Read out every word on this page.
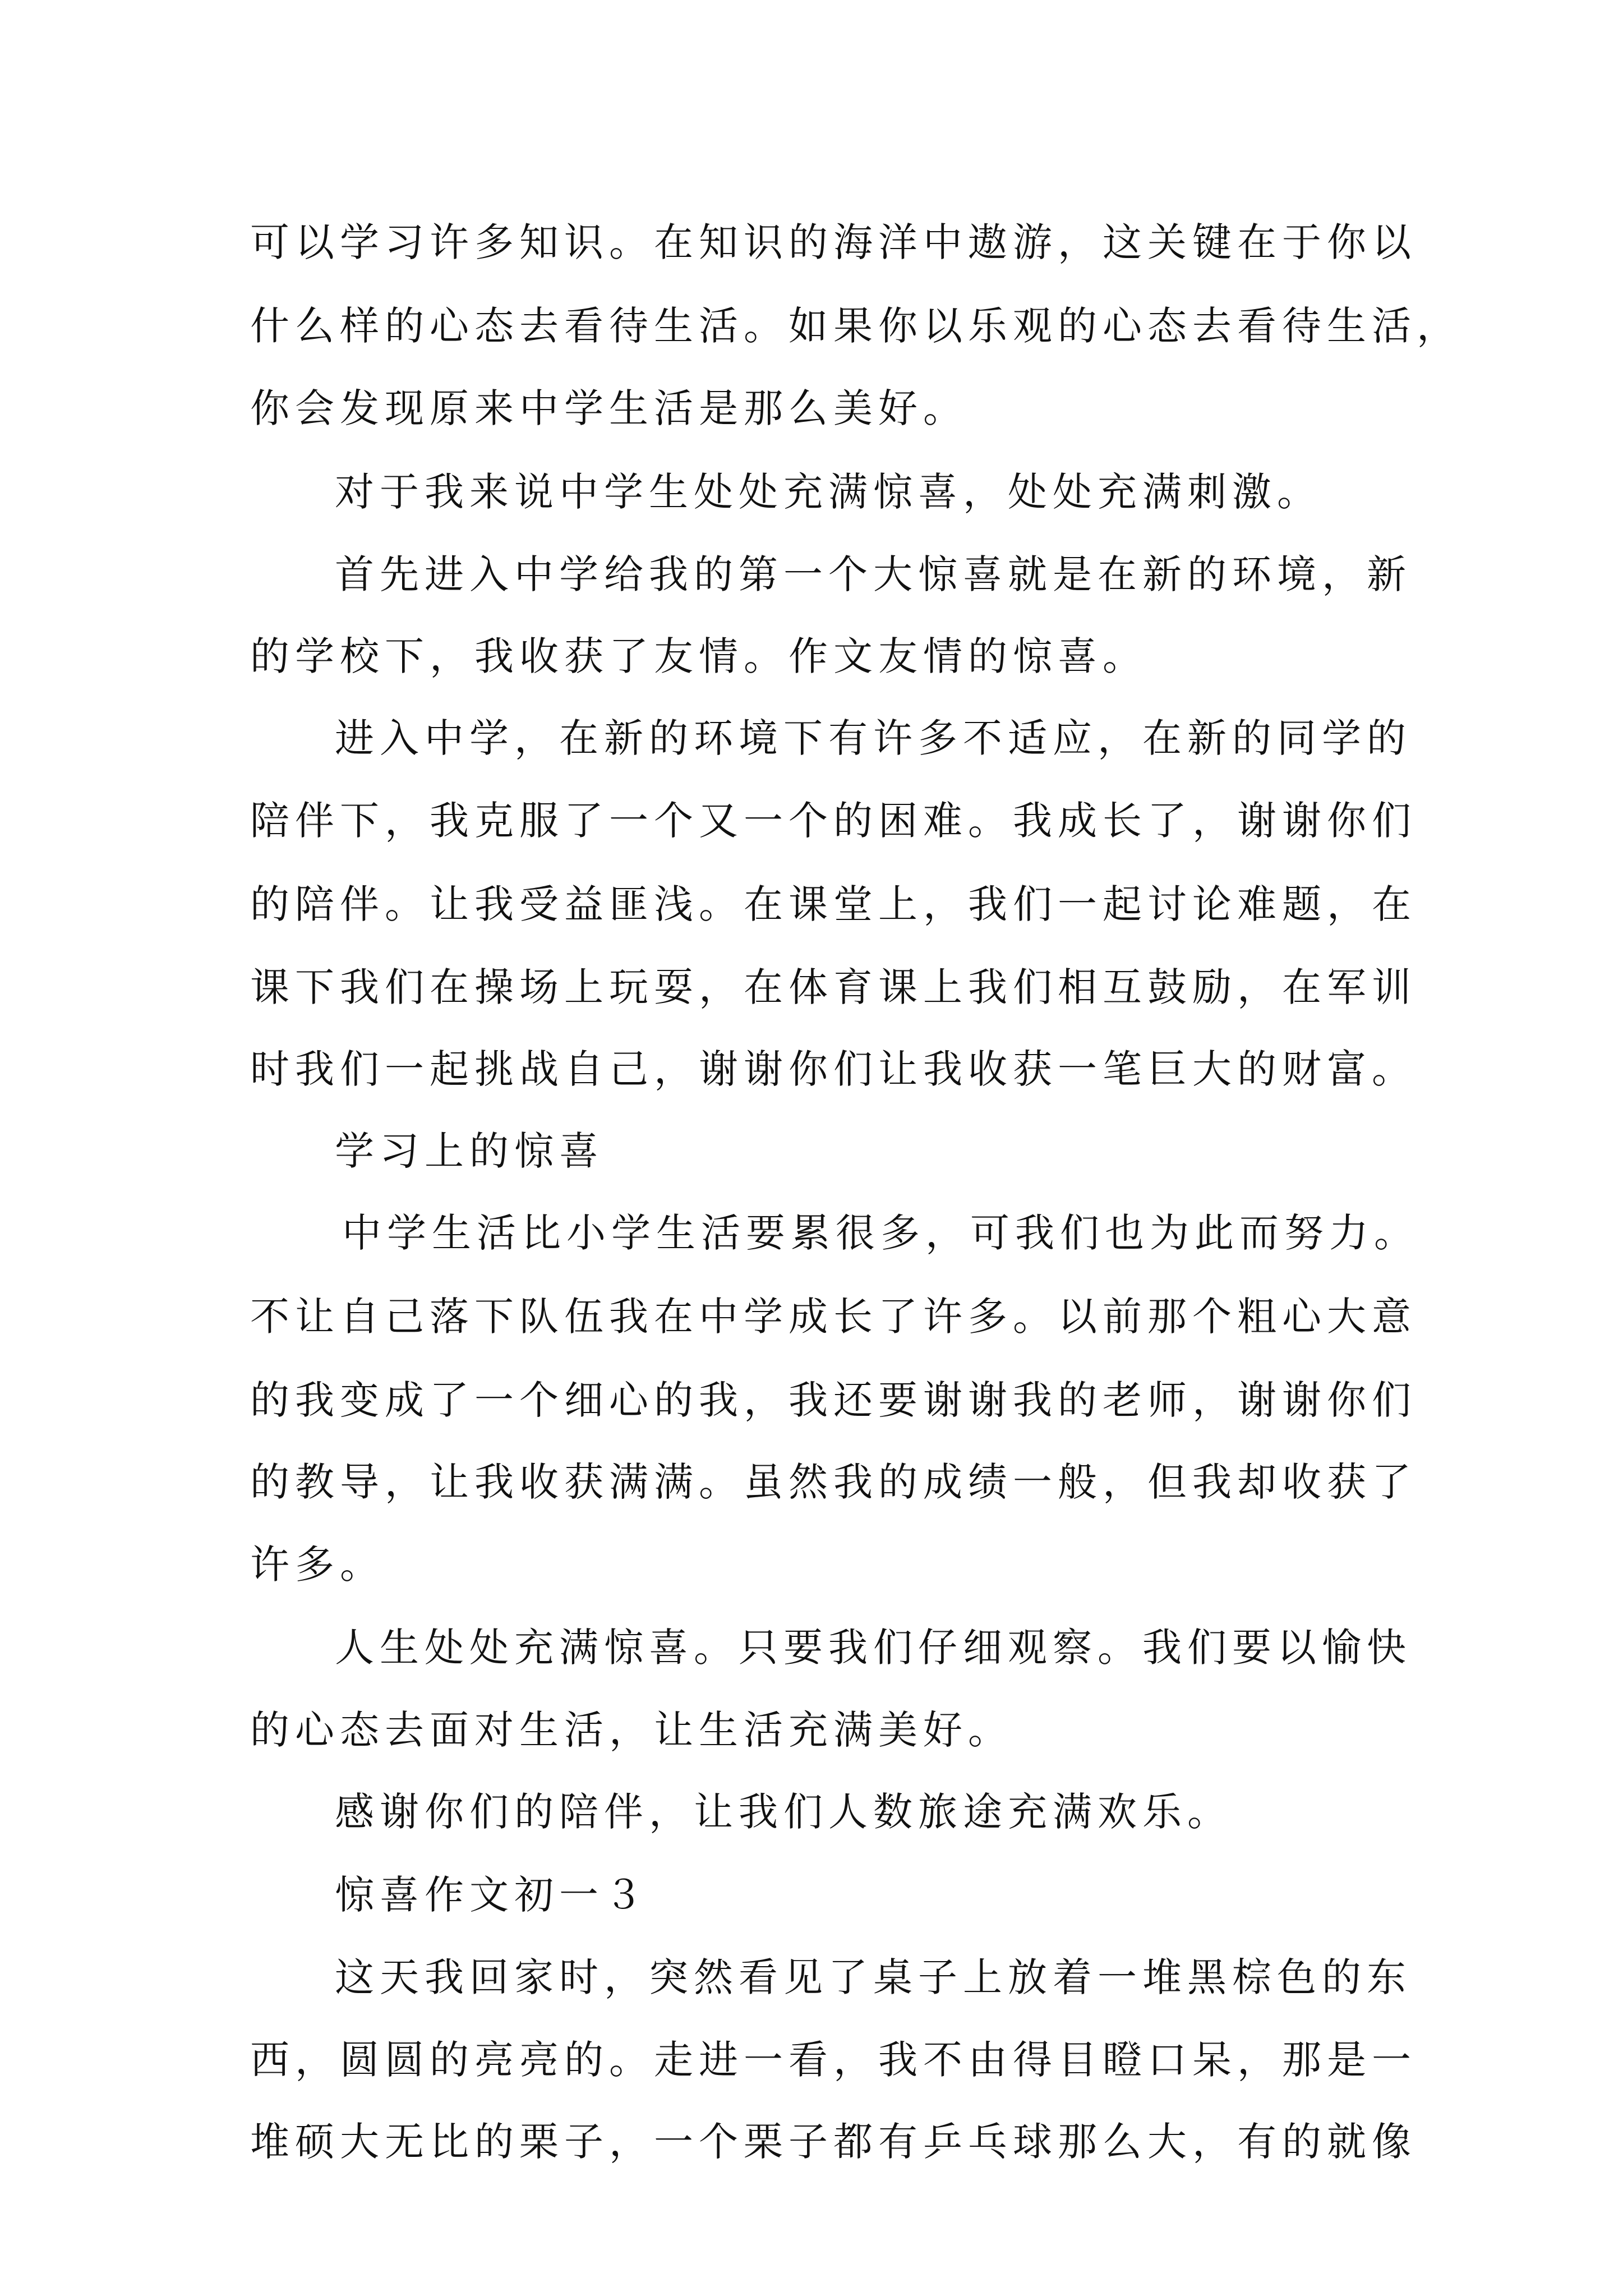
可以学习许多知识。在知识的海洋中遨游，这关键在于你以
什么样的心态去看待生活。如果你以乐观的心态去看待生活，
你会发现原来中学生活是那么美好。
对于我来说中学生处处充满惊喜，处处充满刺激。
首先进入中学给我的第一个大惊喜就是在新的环境，新
的学校下，我收获了友情。作文友情的惊喜。
进入中学，在新的环境下有许多不适应，在新的同学的
陪伴下，我克服了一个又一个的困难。我成长了，谢谢你们
的陪伴。让我受益匪浅。在课堂上，我们一起讨论难题，在
课下我们在操场上玩耍，在体育课上我们相互鼓励，在军训
时我们一起挑战自己，谢谢你们让我收获一笔巨大的财富。
学习上的惊喜
中学生活比小学生活要累很多，可我们也为此而努力。
不让自己落下队伍我在中学成长了许多。以前那个粗心大意
的我变成了一个细心的我，我还要谢谢我的老师，谢谢你们
的教导，让我收获满满。虽然我的成绩一般，但我却收获了
许多。
人生处处充满惊喜。只要我们仔细观察。我们要以愉快
的心态去面对生活，让生活充满美好。
感谢你们的陪伴，让我们人数旅途充满欢乐。
惊喜作文初一３
这天我回家时，突然看见了桌子上放着一堆黑棕色的东
西，圆圆的亮亮的。走进一看，我不由得目瞪口呆，那是一
堆硕大无比的栗子，一个栗子都有乒乓球那么大，有的就像
